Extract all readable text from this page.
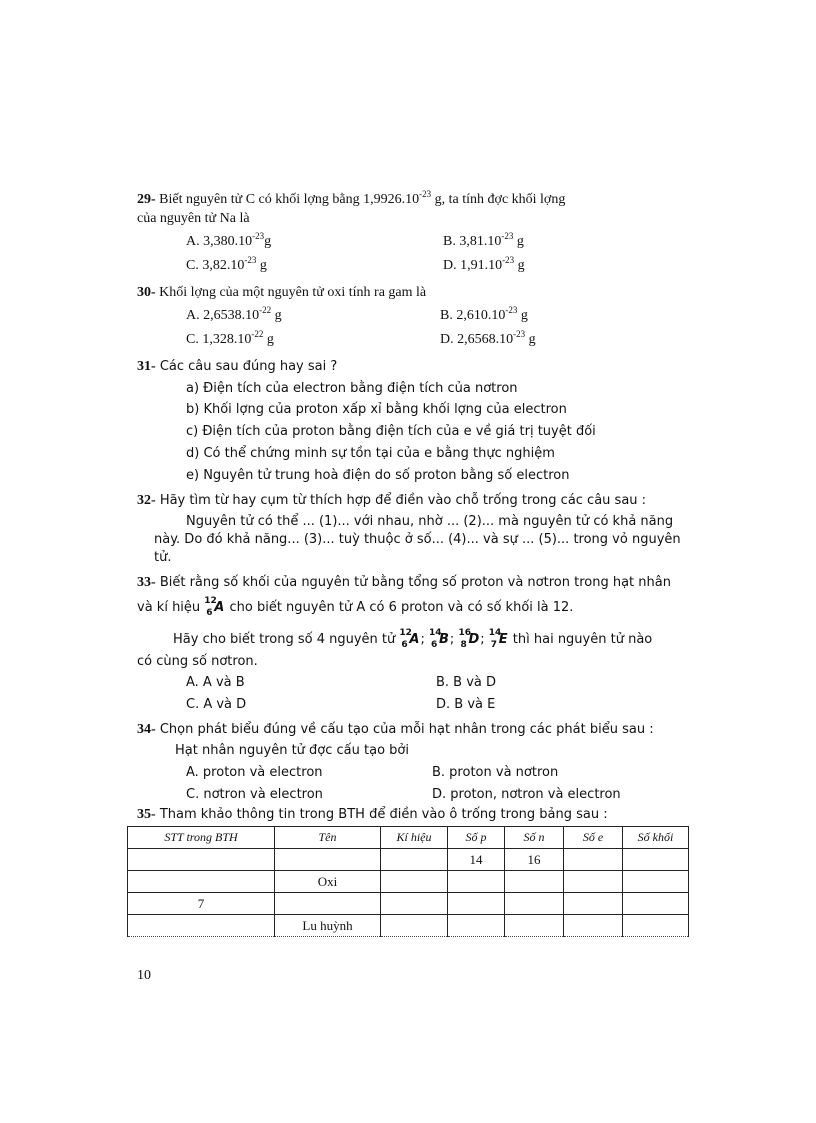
29- Biết nguyên tử C có khối lợng bằng $1,9926.10^{-23}$ g, ta tính đợc khối lợng
của nguyên tử Na là
A. $3,380.10^{-23}g$	B. $3,81.10^{-23}$ g
C. $3,82.10^{-23}$ g	D. $1,91.10^{-23}$ g
30- Khối lợng của một nguyên tử oxi tính ra gam là
A. $2,6538.10^{-22}$ g	B. $2,610.10^{-23}$ g
C. $1,328.10^{-22}$ g	D. $2,6568.10^{-23}$ g
31- Các câu sau đúng hay sai ?
a) Điện tích của electron bằng điện tích của nơtron
b) Khối lợng của proton xấp xỉ bằng khối lợng của electron
c) Điện tích của proton bằng điện tích của e về giá trị tuyệt đối
d) Có thể chứng minh sự tồn tại của e bằng thực nghiệm
e) Nguyên tử trung hoà điện do số proton bằng số electron
32- Hãy tìm từ hay cụm từ thích hợp để điền vào chỗ trống trong các câu sau :
Nguyên tử có thể ... (1)... với nhau, nhờ ... (2)... mà nguyên tử có khả năng
này. Do đó khả năng... (3)... tuỳ thuộc ở số... (4)... và sự ... (5)... trong vỏ nguyên
tử.
33- Biết rằng số khối của nguyên tử bằng tổng số proton và nơtron trong hạt nhân
và kí hiệu 12
6 A cho biết nguyên tử A có 6 proton và có số khối là 12.
Hãy cho biết trong số 4 nguyên tử 12
6 A; 14
6 B; 16
8 D; 14
7 E thì hai nguyên tử nào
có cùng số nơtron.
A. A và B	B. B và D
C. A và D	D. B và E
34- Chọn phát biểu đúng về cấu tạo của mỗi hạt nhân trong các phát biểu sau :
Hạt nhân nguyên tử đợc cấu tạo bởi
A. proton và electron	B. proton và nơtron
C. nơtron và electron	D. proton, nơtron và electron
35- Tham khảo thông tin trong BTH để điền vào ô trống trong bảng sau :
STT trong BTH	Tên	Kí hiệu	Số p	Số n	Số e	Số khối
			14	16		
	Oxi					
7						
	Lu huỳnh					
10
